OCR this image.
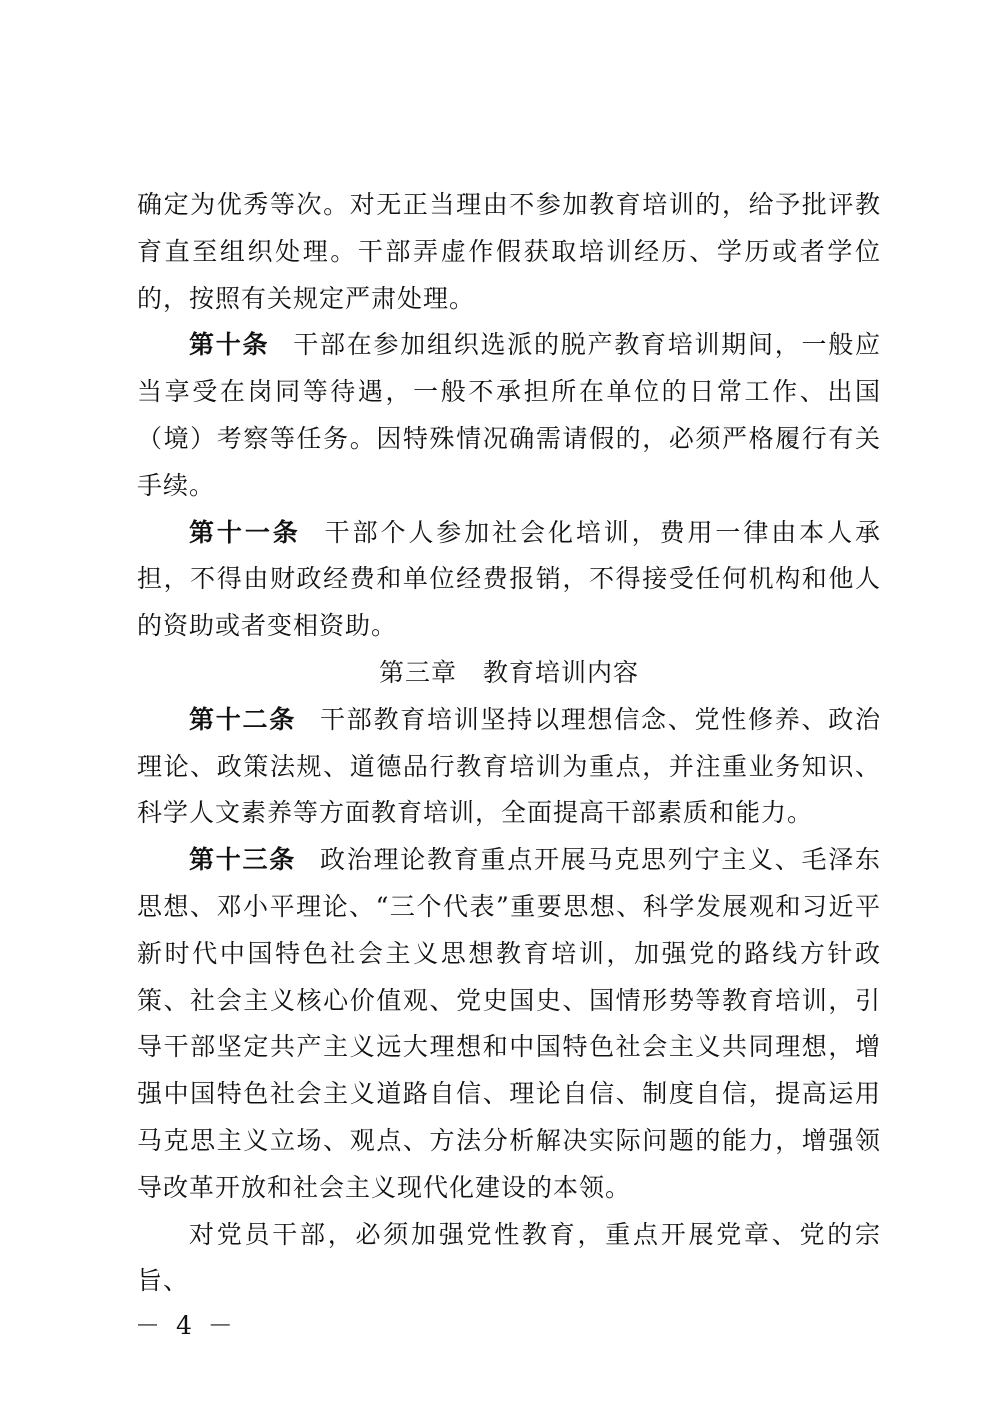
确定为优秀等次。对无正当理由不参加教育培训的，给予批评教育直至组织处理。干部弄虚作假获取培训经历、学历或者学位的，按照有关规定严肃处理。

第十条 干部在参加组织选派的脱产教育培训期间，一般应当享受在岗同等待遇，一般不承担所在单位的日常工作、出国（境）考察等任务。因特殊情况确需请假的，必须严格履行有关手续。

第十一条 干部个人参加社会化培训，费用一律由本人承担，不得由财政经费和单位经费报销，不得接受任何机构和他人的资助或者变相资助。

第三章　教育培训内容

第十二条 干部教育培训坚持以理想信念、党性修养、政治理论、政策法规、道德品行教育培训为重点，并注重业务知识、科学人文素养等方面教育培训，全面提高干部素质和能力。

第十三条 政治理论教育重点开展马克思列宁主义、毛泽东思想、邓小平理论、“三个代表”重要思想、科学发展观和习近平新时代中国特色社会主义思想教育培训，加强党的路线方针政策、社会主义核心价值观、党史国史、国情形势等教育培训，引导干部坚定共产主义远大理想和中国特色社会主义共同理想，增强中国特色社会主义道路自信、理论自信、制度自信，提高运用马克思主义立场、观点、方法分析解决实际问题的能力，增强领导改革开放和社会主义现代化建设的本领。

对党员干部，必须加强党性教育，重点开展党章、党的宗旨、

－ 4 －
